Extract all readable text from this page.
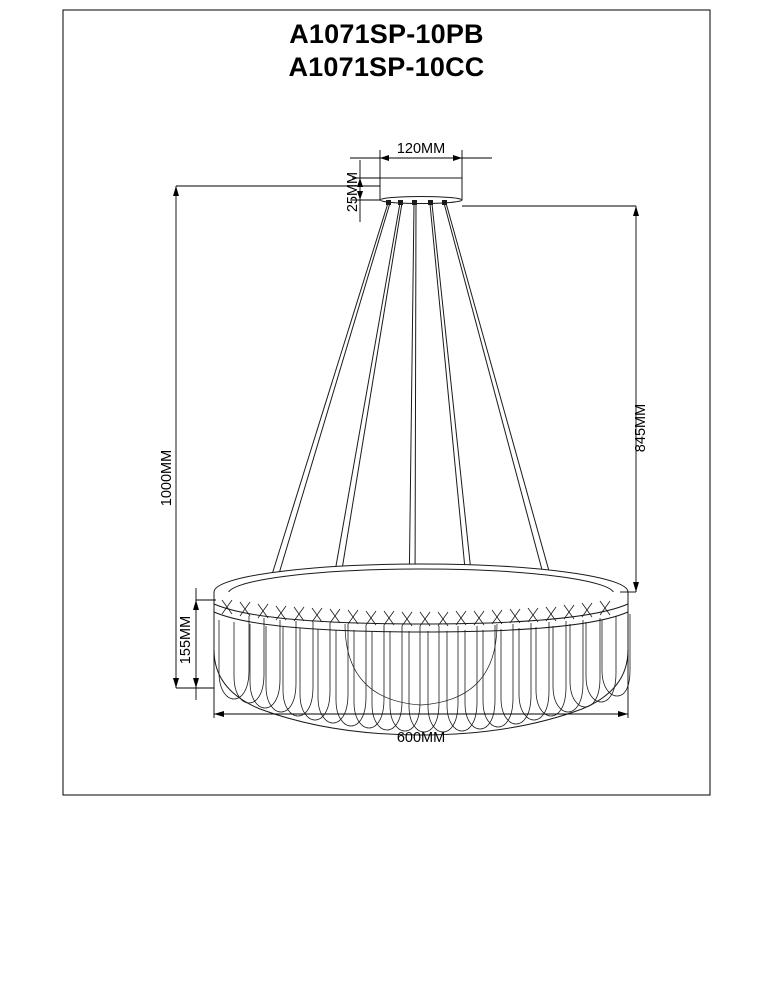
A1071SP-10PB
A1071SP-10CC
120MM
25MM
1000MM
845MM
155MM
600MM
